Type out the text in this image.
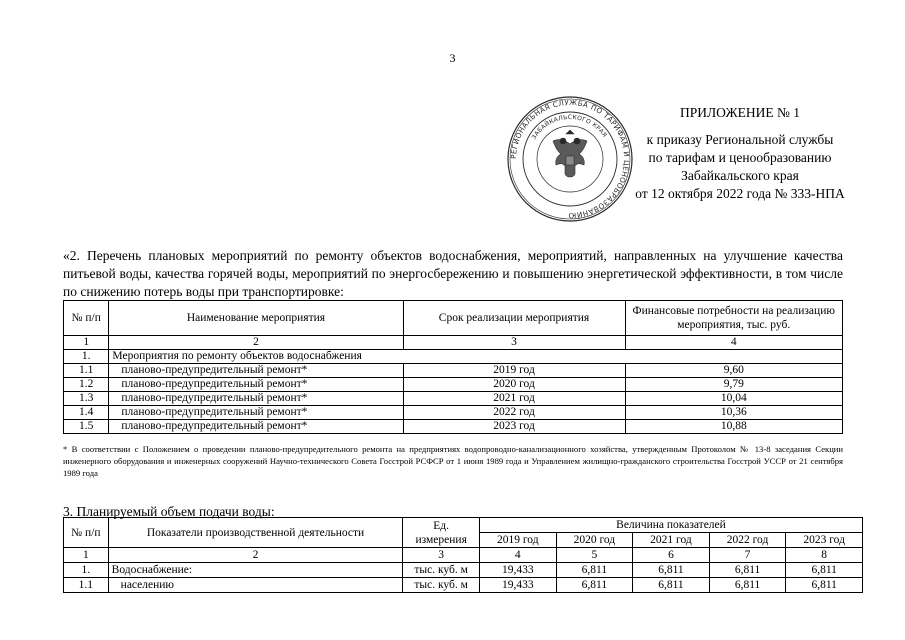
3
РЕГИОНАЛЬНАЯ СЛУЖБА ПО ТАРИФАМ И ЦЕНООБРАЗОВАНИЮ
ЗАБАЙКАЛЬСКОГО КРАЯ
ПРИЛОЖЕНИЕ № 1
к приказу Региональной службы
по тарифам и ценообразованию
Забайкальского края
от 12 октября 2022 года № 333-НПА
«2. Перечень плановых мероприятий по ремонту объектов водоснабжения, мероприятий, направленных на улучшение качества питьевой воды, качества горячей воды, мероприятий по энергосбережению и повышению энергетической эффективности, в том числе по снижению потерь воды при транспортировке:
№ п/п	Наименование мероприятия	Срок реализации мероприятия	Финансовые потребности на реализацию мероприятия, тыс. руб.
1	2	3	4
1.	Мероприятия по ремонту объектов водоснабжения		
1.1	планово-предупредительный ремонт*	2019 год	9,60
1.2	планово-предупредительный ремонт*	2020 год	9,79
1.3	планово-предупредительный ремонт*	2021 год	10,04
1.4	планово-предупредительный ремонт*	2022 год	10,36
1.5	планово-предупредительный ремонт*	2023 год	10,88
* В соответствии с Положением о проведении планово-предупредительного ремонта на предприятиях водопроводно-канализационного хозяйства, утвержденным Протоколом № 13-8 заседания Секции инженерного оборудования и инженерных сооружений Научно-технического Совета Госстрой РСФСР от 1 июня 1989 года и Управлением жилищно-гражданского строительства Госстрой УССР от 21 сентября 1989 года
3. Планируемый объем подачи воды:
№ п/п	Показатели производственной деятельности	Ед. измерения	Величина показателей				
			2019 год	2020 год	2021 год	2022 год	2023 год
1	2	3	4	5	6	7	8
1.	Водоснабжение:	тыс. куб. м	19,433	6,811	6,811	6,811	6,811
1.1	населению	тыс. куб. м	19,433	6,811	6,811	6,811	6,811
